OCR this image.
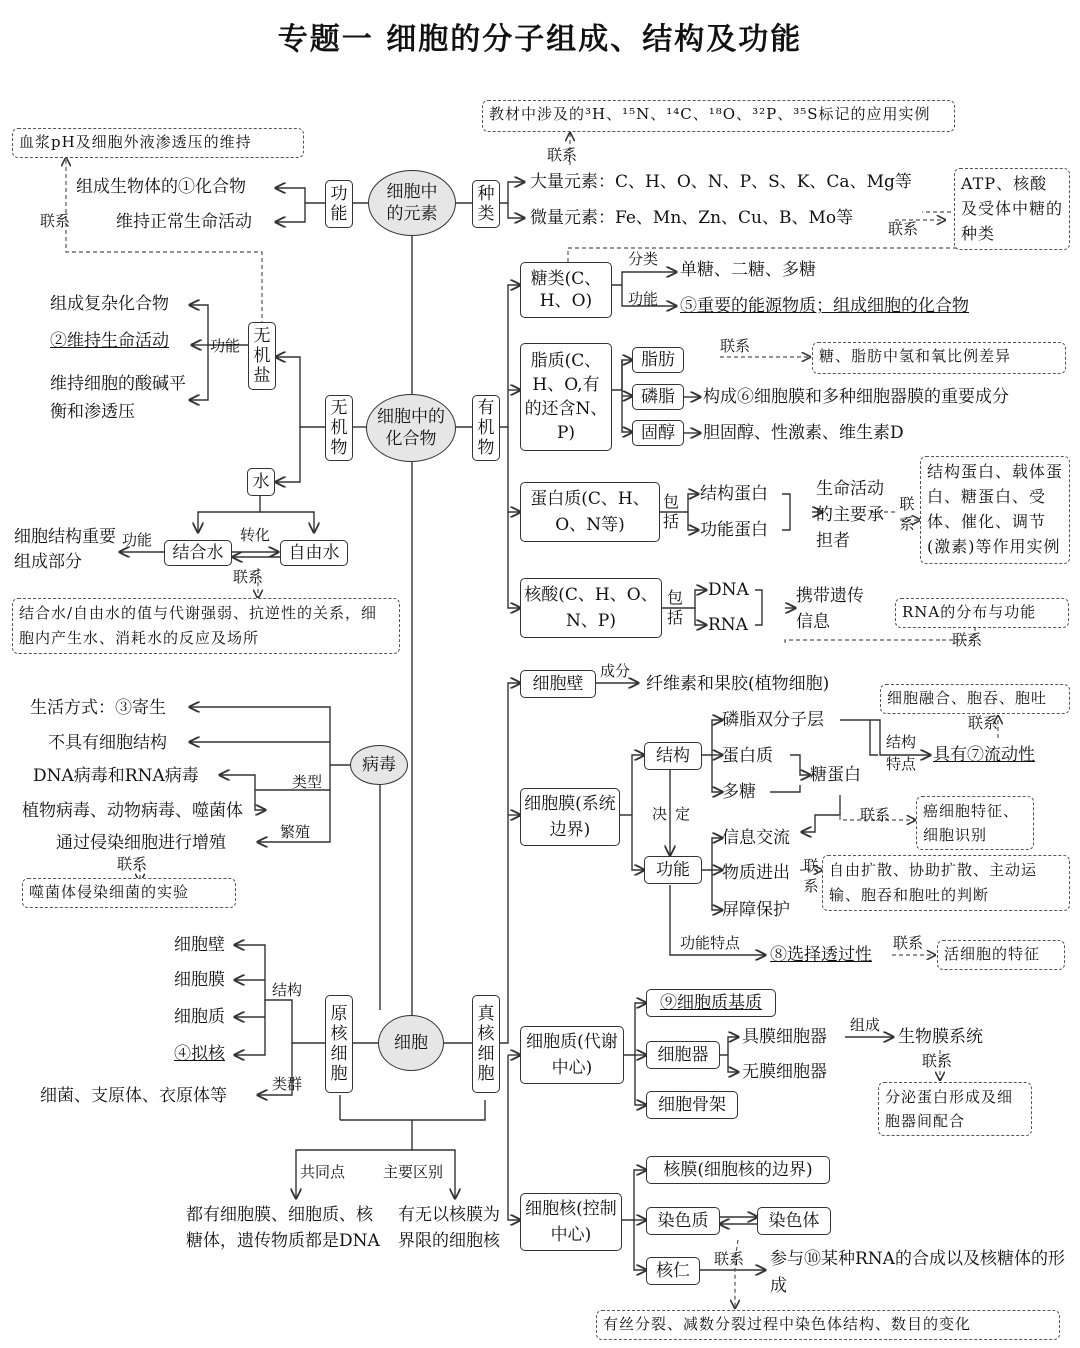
专题一 细胞的分子组成、结构及功能
细胞中的元素
功能
种类
组成生物体的①化合物
维持正常生命活动
大量元素：C、H、O、N、P、S、K、Ca、Mg等
微量元素：Fe、Mn、Zn、Cu、B、Mo等
教材中涉及的³H、¹⁵N、¹⁴C、¹⁸O、³²P、³⁵S标记的应用实例
血浆pH及细胞外液渗透压的维持
ATP、核酸及受体中糖的种类
联系
联系	联系
细胞中的化合物
无机物
有机物
无机盐
功能
组成复杂化合物
②维持生命活动
维持细胞的酸碱平衡和渗透压
水
结合水	自由水
转化
功能
细胞结构重要组成部分
联系
结合水/自由水的值与代谢强弱、抗逆性的关系，细胞内产生水、消耗水的反应及场所
糖类(C、H、O)
分类
单糖、二糖、多糖
功能 ⑤重要的能源物质；组成细胞的化合物
脂质(C、H、O,有的还含N、P)
脂肪
磷脂
固醇
联系
糖、脂肪中氢和氧比例差异
构成⑥细胞膜和多种细胞器膜的重要成分
胆固醇、性激素、维生素D
蛋白质(C、H、O、N等)
包括
结构蛋白
功能蛋白
生命活动的主要承担者
联系
结构蛋白、载体蛋白、糖蛋白、受体、催化、调节(激素)等作用实例
核酸(C、H、O、N、P)
包括
DNA
RNA
携带遗传信息	RNA的分布与功能
联系
病毒
生活方式：③寄生
不具有细胞结构
类型
DNA病毒和RNA病毒
植物病毒、动物病毒、噬菌体
繁殖
通过侵染细胞进行增殖
联系
噬菌体侵染细菌的实验
细胞
原核细胞
真核细胞
结构
细胞壁
细胞膜
细胞质
④拟核
类群
细菌、支原体、衣原体等
共同点	主要区别
都有细胞膜、细胞质、核糖体，遗传物质都是DNA
有无以核膜为界限的细胞核
细胞壁
成分
纤维素和果胶(植物细胞)
细胞膜(系统边界)
结构
功能
决定
磷脂双分子层
蛋白质
多糖
糖蛋白
结构特点 具有⑦流动性
细胞融合、胞吞、胞吐
联系
联系	癌细胞特征、细胞识别
信息交流
物质进出
屏障保护
联系
自由扩散、协助扩散、主动运输、胞吞和胞吐的判断
功能特点
⑧选择透过性
联系
活细胞的特征
细胞质(代谢中心)
⑨细胞质基质
细胞器
细胞骨架
具膜细胞器
无膜细胞器
组成
生物膜系统
联系
分泌蛋白形成及细胞器间配合
细胞核(控制中心)
核膜(细胞核的边界)
染色质	染色体
核仁
联系 参与⑩某种RNA的合成以及核糖体的形成
有丝分裂、减数分裂过程中染色体结构、数目的变化
